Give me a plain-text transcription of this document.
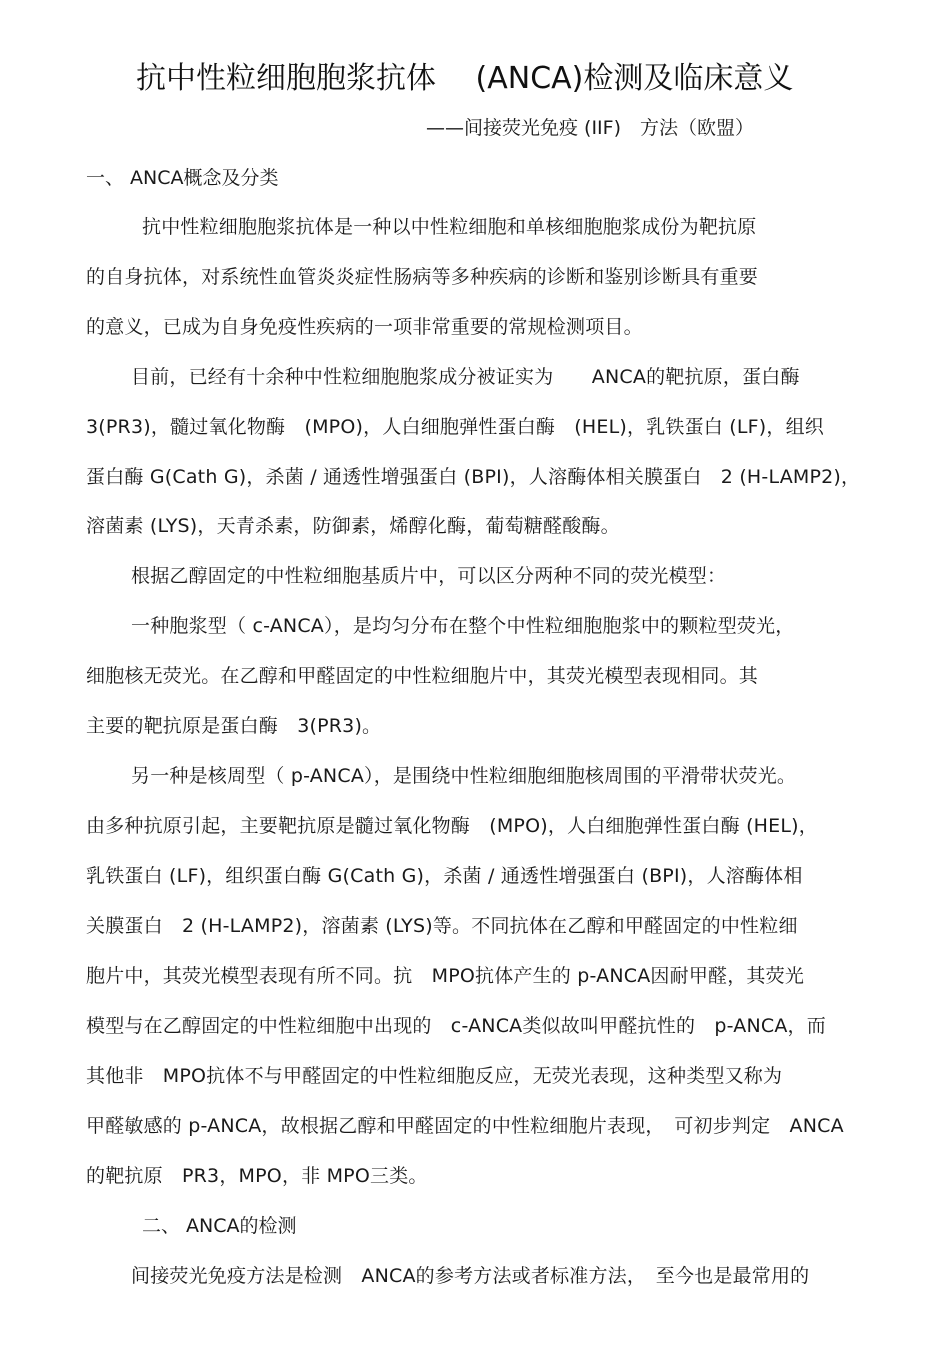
抗中性粒细胞胞浆抗体 　(ANCA)检测及临床意义
——间接荧光免疫 (IIF)　方法（欧盟）
一、 ANCA概念及分类
抗中性粒细胞胞浆抗体是一种以中性粒细胞和单核细胞胞浆成份为靶抗原
的自身抗体，对系统性血管炎炎症性肠病等多种疾病的诊断和鉴别诊断具有重要
的意义，已成为自身免疫性疾病的一项非常重要的常规检测项目。
目前，已经有十余种中性粒细胞胞浆成分被证实为　　ANCA的靶抗原，蛋白酶
3(PR3)，髓过氧化物酶　(MPO)，人白细胞弹性蛋白酶　(HEL)，乳铁蛋白 (LF)，组织
蛋白酶 G(Cath G)，杀菌 / 通透性增强蛋白 (BPI)，人溶酶体相关膜蛋白　2 (H-LAMP2)，
溶菌素 (LYS)，天青杀素，防御素，烯醇化酶，葡萄糖醛酸酶。
根据乙醇固定的中性粒细胞基质片中，可以区分两种不同的荧光模型：
一种胞浆型（ c-ANCA），是均匀分布在整个中性粒细胞胞浆中的颗粒型荧光，
细胞核无荧光。在乙醇和甲醛固定的中性粒细胞片中，其荧光模型表现相同。其
主要的靶抗原是蛋白酶　3(PR3)。
另一种是核周型（ p-ANCA），是围绕中性粒细胞细胞核周围的平滑带状荧光。
由多种抗原引起，主要靶抗原是髓过氧化物酶　(MPO)，人白细胞弹性蛋白酶 (HEL)，
乳铁蛋白 (LF)，组织蛋白酶 G(Cath G)，杀菌 / 通透性增强蛋白 (BPI)，人溶酶体相
关膜蛋白　2 (H-LAMP2)，溶菌素 (LYS)等。不同抗体在乙醇和甲醛固定的中性粒细
胞片中，其荧光模型表现有所不同。抗　MPO抗体产生的 p-ANCA因耐甲醛，其荧光
模型与在乙醇固定的中性粒细胞中出现的　c-ANCA类似故叫甲醛抗性的　p-ANCA，而
其他非　MPO抗体不与甲醛固定的中性粒细胞反应，无荧光表现，这种类型又称为
甲醛敏感的 p-ANCA，故根据乙醇和甲醛固定的中性粒细胞片表现，　可初步判定　ANCA
的靶抗原　PR3，MPO，非 MPO三类。
二、 ANCA的检测
间接荧光免疫方法是检测　ANCA的参考方法或者标准方法，　至今也是最常用的
